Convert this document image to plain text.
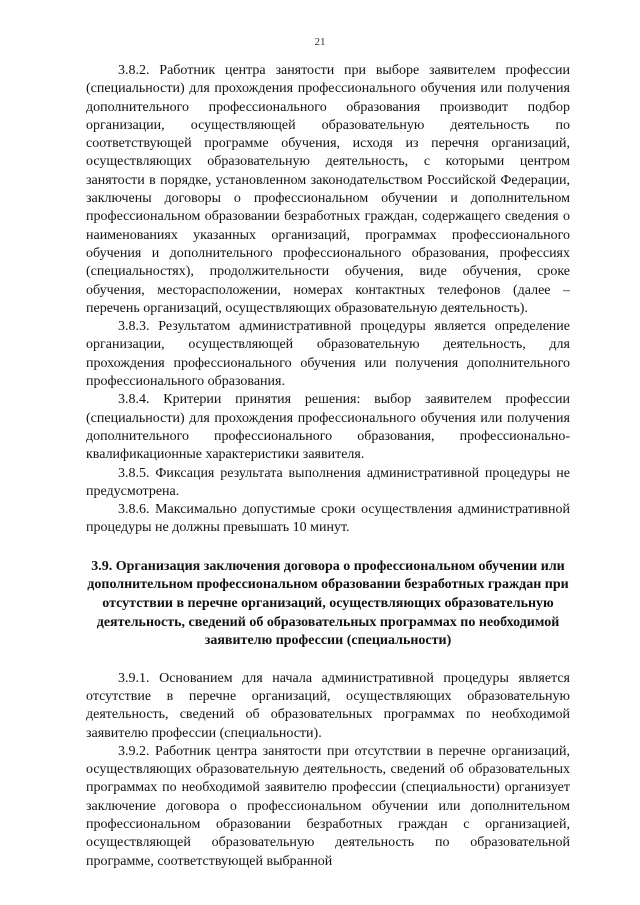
21

3.8.2. Работник центра занятости при выборе заявителем профессии (специальности) для прохождения профессионального обучения или получения дополнительного профессионального образования производит подбор организации, осуществляющей образовательную деятельность по соответствующей программе обучения, исходя из перечня организаций, осуществляющих образовательную деятельность, с которыми центром занятости в порядке, установленном законодательством Российской Федерации, заключены договоры о профессиональном обучении и дополнительном профессиональном образовании безработных граждан, содержащего сведения о наименованиях указанных организаций, программах профессионального обучения и дополнительного профессионального образования, профессиях (специальностях), продолжительности обучения, виде обучения, сроке обучения, месторасположении, номерах контактных телефонов (далее – перечень организаций, осуществляющих образовательную деятельность).

3.8.3. Результатом административной процедуры является определение организации, осуществляющей образовательную деятельность, для прохождения профессионального обучения или получения дополнительного профессионального образования.

3.8.4. Критерии принятия решения: выбор заявителем профессии (специальности) для прохождения профессионального обучения или получения дополнительного профессионального образования, профессионально-квалификационные характеристики заявителя.

3.8.5. Фиксация результата выполнения административной процедуры не предусмотрена.

3.8.6. Максимально допустимые сроки осуществления административной процедуры не должны превышать 10 минут.

3.9. Организация заключения договора о профессиональном обучении или дополнительном профессиональном образовании безработных граждан при отсутствии в перечне организаций, осуществляющих образовательную деятельность, сведений об образовательных программах по необходимой заявителю профессии (специальности)

3.9.1. Основанием для начала административной процедуры является отсутствие в перечне организаций, осуществляющих образовательную деятельность, сведений об образовательных программах по необходимой заявителю профессии (специальности).

3.9.2. Работник центра занятости при отсутствии в перечне организаций, осуществляющих образовательную деятельность, сведений об образовательных программах по необходимой заявителю профессии (специальности) организует заключение договора о профессиональном обучении или дополнительном профессиональном образовании безработных граждан с организацией, осуществляющей образовательную деятельность по образовательной программе, соответствующей выбранной
